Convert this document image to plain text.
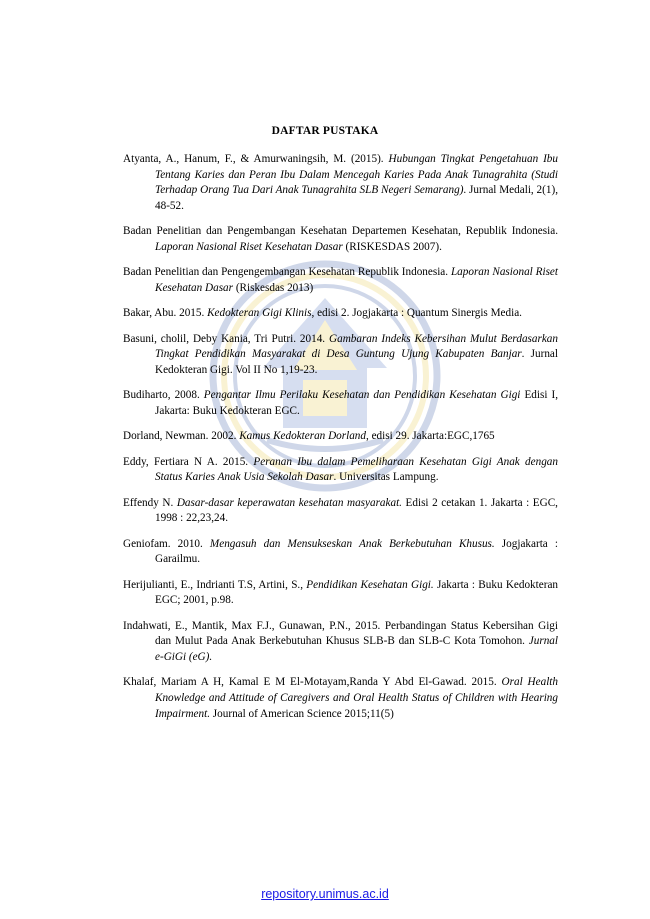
DAFTAR PUSTAKA

Atyanta, A., Hanum, F., & Amurwaningsih, M. (2015). Hubungan Tingkat Pengetahuan Ibu Tentang Karies dan Peran Ibu Dalam Mencegah Karies Pada Anak Tunagrahita (Studi Terhadap Orang Tua Dari Anak Tunagrahita SLB Negeri Semarang). Jurnal Medali, 2(1), 48-52.

Badan Penelitian dan Pengembangan Kesehatan Departemen Kesehatan, Republik Indonesia. Laporan Nasional Riset Kesehatan Dasar (RISKESDAS 2007).

Badan Penelitian dan Pengengembangan Kesehatan Republik Indonesia. Laporan Nasional Riset Kesehatan Dasar (Riskesdas 2013)

Bakar, Abu. 2015. Kedokteran Gigi Klinis, edisi 2. Jogjakarta : Quantum Sinergis Media.

Basuni, cholil, Deby Kania, Tri Putri. 2014. Gambaran Indeks Kebersihan Mulut Berdasarkan Tingkat Pendidikan Masyarakat di Desa Guntung Ujung Kabupaten Banjar. Jurnal Kedokteran Gigi. Vol II No 1,19-23.

Budiharto, 2008. Pengantar Ilmu Perilaku Kesehatan dan Pendidikan Kesehatan Gigi Edisi I, Jakarta: Buku Kedokteran EGC.

Dorland, Newman. 2002. Kamus Kedokteran Dorland, edisi 29. Jakarta:EGC,1765

Eddy, Fertiara N A. 2015. Peranan Ibu dalam Pemeliharaan Kesehatan Gigi Anak dengan Status Karies Anak Usia Sekolah Dasar. Universitas Lampung.

Effendy N. Dasar-dasar keperawatan kesehatan masyarakat. Edisi 2 cetakan 1. Jakarta : EGC, 1998 : 22,23,24.

Geniofam. 2010. Mengasuh dan Mensukseskan Anak Berkebutuhan Khusus. Jogjakarta : Garailmu.

Herijulianti, E., Indrianti T.S, Artini, S., Pendidikan Kesehatan Gigi. Jakarta : Buku Kedokteran EGC; 2001, p.98.

Indahwati, E., Mantik, Max F.J., Gunawan, P.N., 2015. Perbandingan Status Kebersihan Gigi dan Mulut Pada Anak Berkebutuhan Khusus SLB-B dan SLB-C Kota Tomohon. Jurnal e-GiGi (eG).

Khalaf, Mariam A H, Kamal E M El-Motayam,Randa Y Abd El-Gawad. 2015. Oral Health Knowledge and Attitude of Caregivers and Oral Health Status of Children with Hearing Impairment. Journal of American Science 2015;11(5)

repository.unimus.ac.id
